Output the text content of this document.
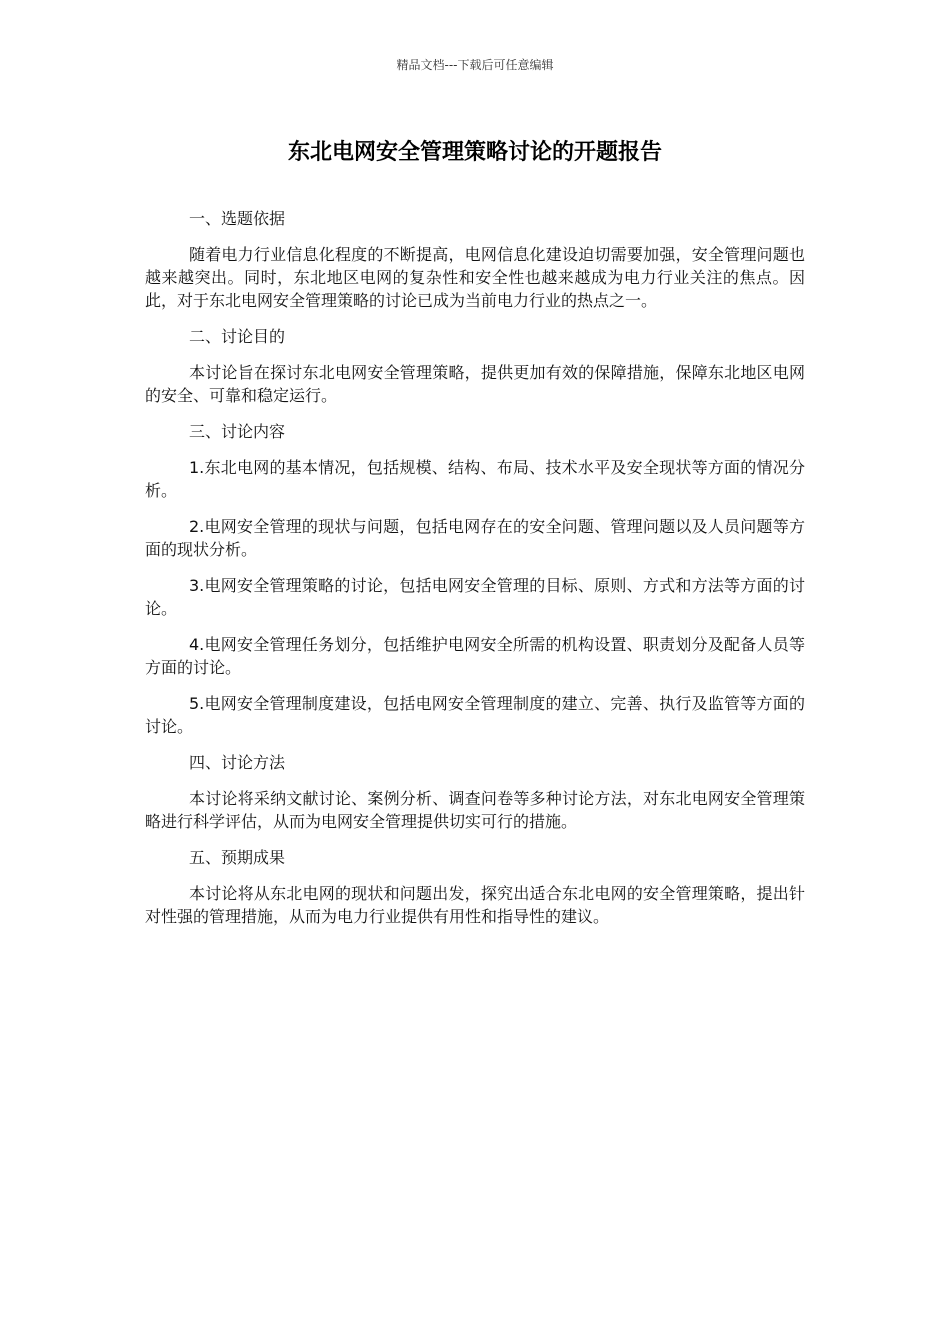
精品文档---下载后可任意编辑
东北电网安全管理策略讨论的开题报告

一、选题依据

随着电力行业信息化程度的不断提高，电网信息化建设迫切需要加强，安全管理问题也越来越突出。同时，东北地区电网的复杂性和安全性也越来越成为电力行业关注的焦点。因此，对于东北电网安全管理策略的讨论已成为当前电力行业的热点之一。

二、讨论目的

本讨论旨在探讨东北电网安全管理策略，提供更加有效的保障措施，保障东北地区电网的安全、可靠和稳定运行。

三、讨论内容

1.东北电网的基本情况，包括规模、结构、布局、技术水平及安全现状等方面的情况分析。

2.电网安全管理的现状与问题，包括电网存在的安全问题、管理问题以及人员问题等方面的现状分析。

3.电网安全管理策略的讨论，包括电网安全管理的目标、原则、方式和方法等方面的讨论。

4.电网安全管理任务划分，包括维护电网安全所需的机构设置、职责划分及配备人员等方面的讨论。

5.电网安全管理制度建设，包括电网安全管理制度的建立、完善、执行及监管等方面的讨论。

四、讨论方法

本讨论将采纳文献讨论、案例分析、调查问卷等多种讨论方法，对东北电网安全管理策略进行科学评估，从而为电网安全管理提供切实可行的措施。

五、预期成果

本讨论将从东北电网的现状和问题出发，探究出适合东北电网的安全管理策略，提出针对性强的管理措施，从而为电力行业提供有用性和指导性的建议。
